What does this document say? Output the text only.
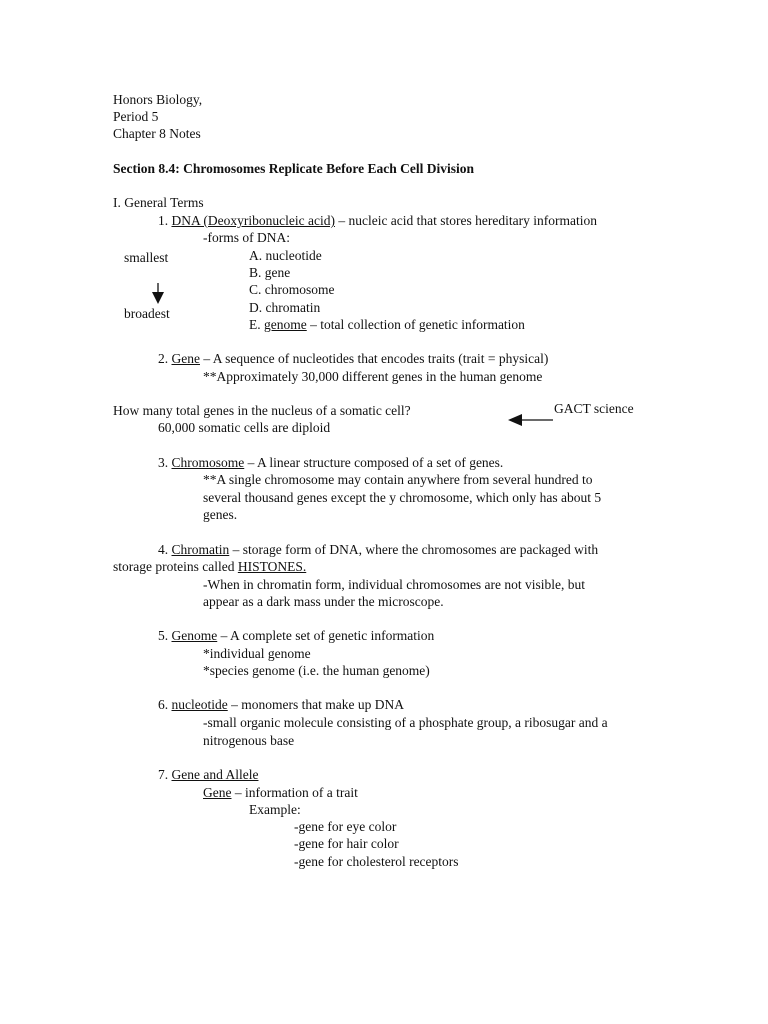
Honors Biology,
Period 5
Chapter 8 Notes
Section 8.4: Chromosomes Replicate Before Each Cell Division
I. General Terms
1. DNA (Deoxyribonucleic acid) – nucleic acid that stores hereditary information
-forms of DNA:
A. nucleotide
B. gene
C. chromosome
D. chromatin
E. genome – total collection of genetic information
smallest
broadest
2. Gene – A sequence of nucleotides that encodes traits (trait = physical)
**Approximately 30,000 different genes in the human genome
How many total genes in the nucleus of a somatic cell?	GACT science
60,000 somatic cells are diploid
3. Chromosome – A linear structure composed of a set of genes.
**A single chromosome may contain anywhere from several hundred to
several thousand genes except the y chromosome, which only has about 5
genes.
4. Chromatin – storage form of DNA, where the chromosomes are packaged with
storage proteins called HISTONES.
-When in chromatin form, individual chromosomes are not visible, but
appear as a dark mass under the microscope.
5. Genome – A complete set of genetic information
*individual genome
*species genome (i.e. the human genome)
6. nucleotide – monomers that make up DNA
-small organic molecule consisting of a phosphate group, a ribosugar and a
nitrogenous base
7. Gene and Allele
Gene – information of a trait
Example:
-gene for eye color
-gene for hair color
-gene for cholesterol receptors
